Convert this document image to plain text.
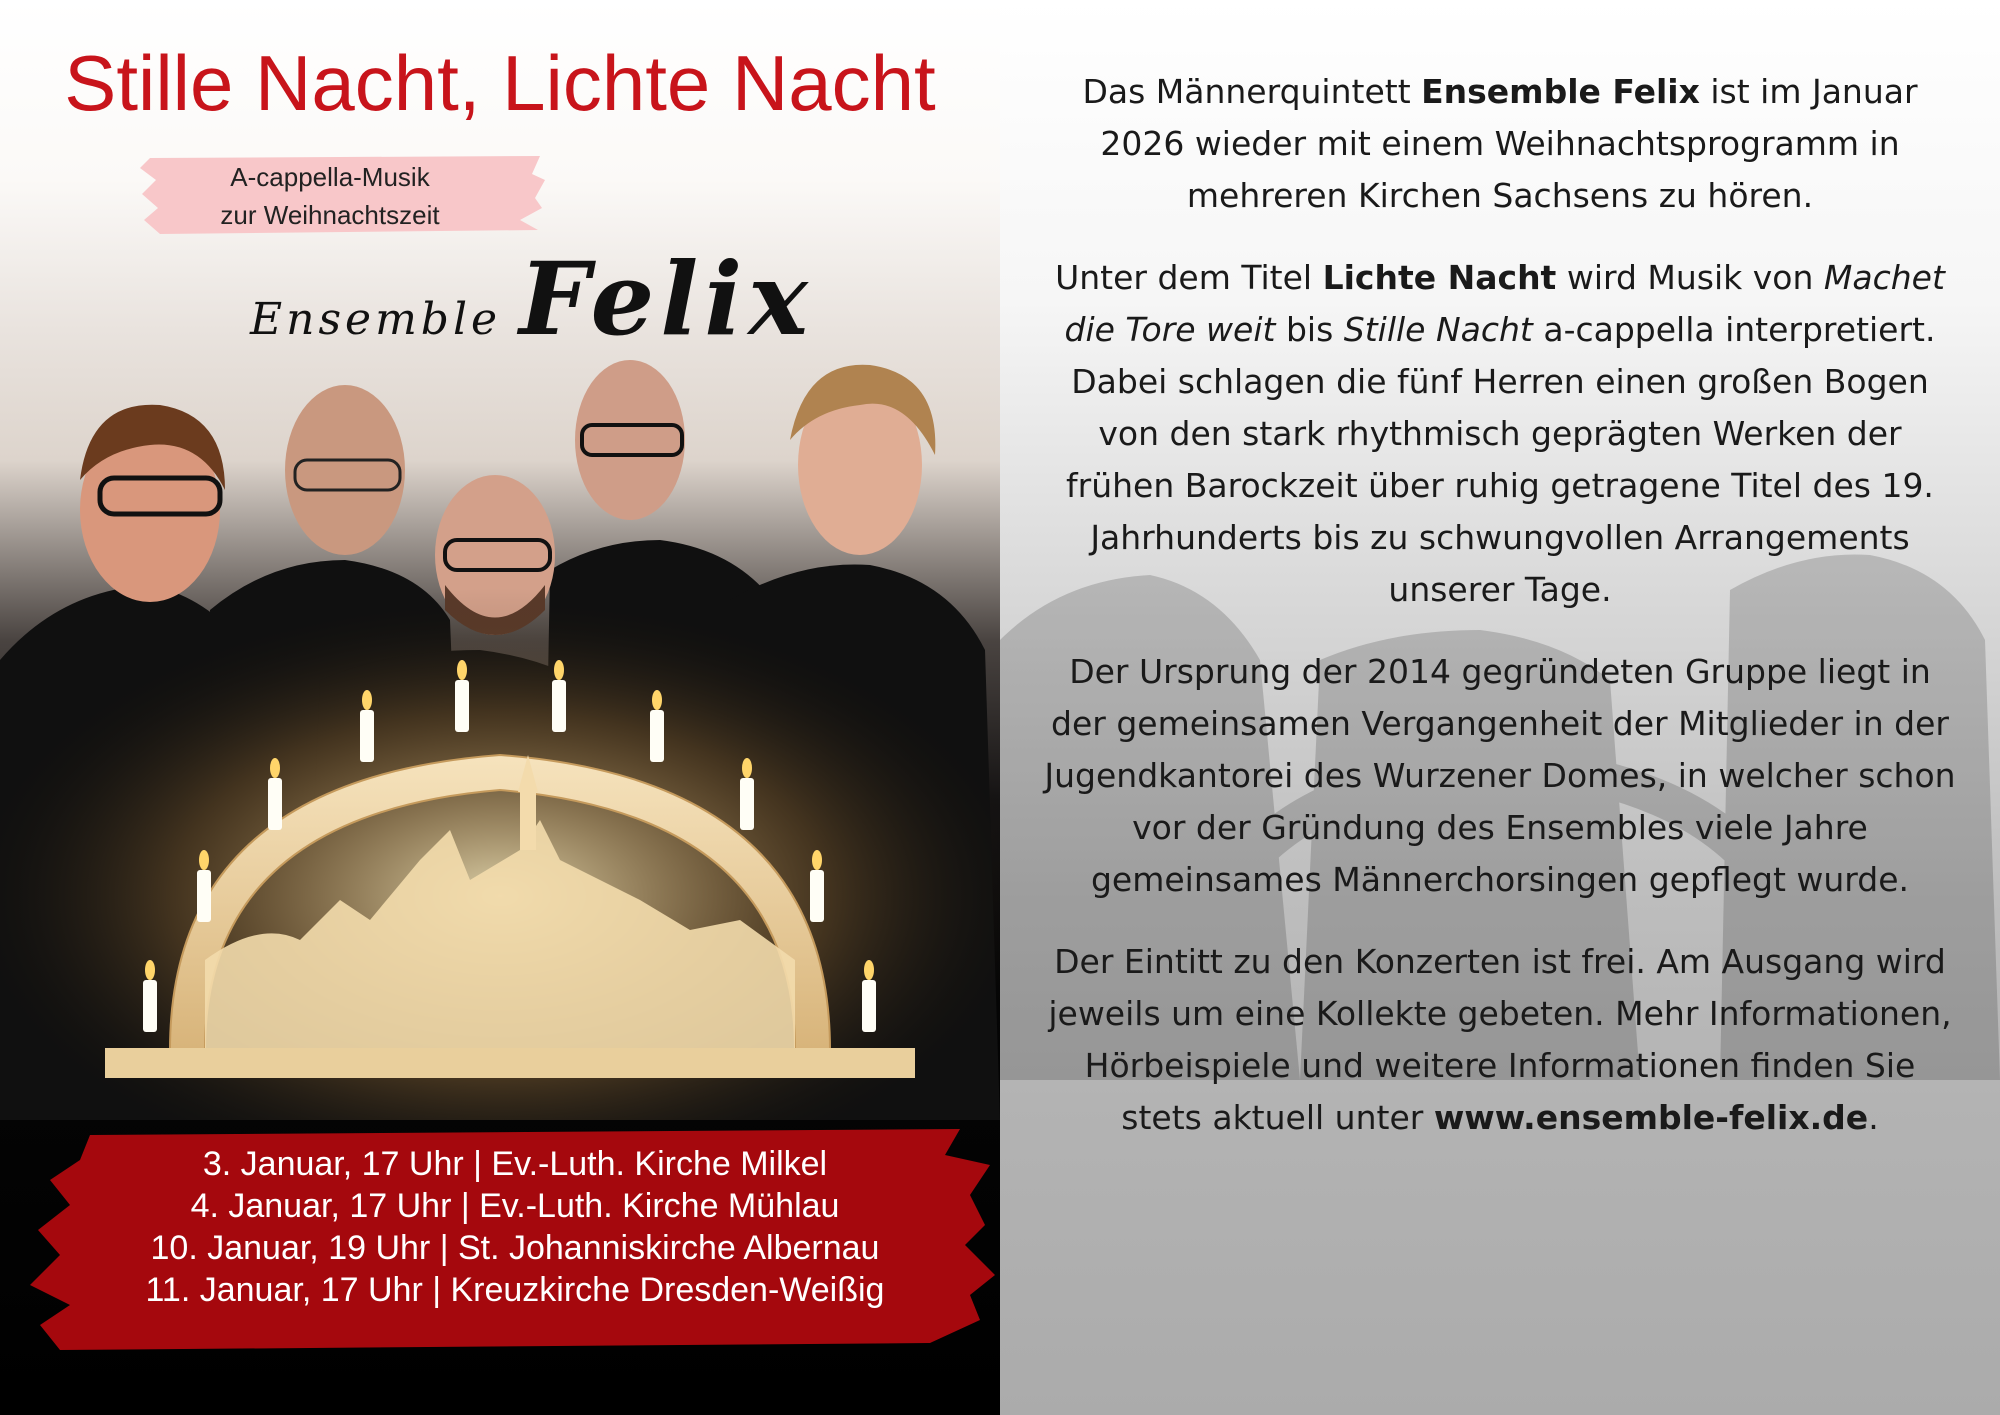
Stille Nacht, Lichte Nacht
A-cappella-Musik
zur Weihnachtszeit
Ensemble Felix
3. Januar, 17 Uhr | Ev.-Luth. Kirche Milkel
4. Januar, 17 Uhr | Ev.-Luth. Kirche Mühlau
10. Januar, 19 Uhr | St. Johanniskirche Albernau
11. Januar, 17 Uhr | Kreuzkirche Dresden-Weißig

Das Männerquintett Ensemble Felix ist im Januar 2026 wieder mit einem Weihnachtsprogramm in mehreren Kirchen Sachsens zu hören.

Unter dem Titel Lichte Nacht wird Musik von Machet die Tore weit bis Stille Nacht a-cappella interpretiert. Dabei schlagen die fünf Herren einen großen Bogen von den stark rhythmisch geprägten Werken der frühen Barockzeit über ruhig getragene Titel des 19. Jahrhunderts bis zu schwungvollen Arrangements unserer Tage.

Der Ursprung der 2014 gegründeten Gruppe liegt in der gemeinsamen Vergangenheit der Mitglieder in der Jugendkantorei des Wurzener Domes, in welcher schon vor der Gründung des Ensembles viele Jahre gemeinsames Männerchorsingen gepflegt wurde.

Der Eintitt zu den Konzerten ist frei. Am Ausgang wird jeweils um eine Kollekte gebeten. Mehr Informationen, Hörbeispiele und weitere Informationen finden Sie stets aktuell unter www.ensemble-felix.de.
